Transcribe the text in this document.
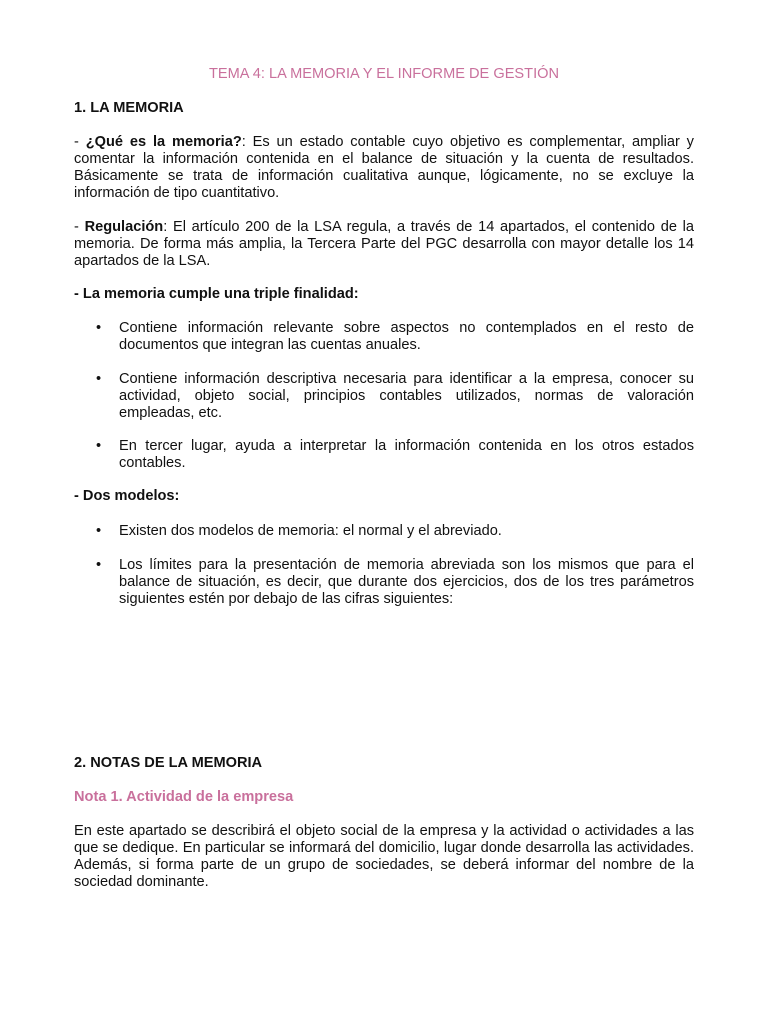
TEMA 4: LA MEMORIA Y EL INFORME DE GESTIÓN
1. LA MEMORIA

- ¿Qué es la memoria?: Es un estado contable cuyo objetivo es complementar, ampliar y comentar la información contenida en el balance de situación y la cuenta de resultados. Básicamente se trata de información cualitativa aunque, lógicamente, no se excluye la información de tipo cuantitativo.

- Regulación: El artículo 200 de la LSA regula, a través de 14 apartados, el contenido de la memoria. De forma más amplia, la Tercera Parte del PGC desarrolla con mayor detalle los 14 apartados de la LSA.

- La memoria cumple una triple finalidad:
• Contiene información relevante sobre aspectos no contemplados en el resto de documentos que integran las cuentas anuales.
• Contiene información descriptiva necesaria para identificar a la empresa, conocer su actividad, objeto social, principios contables utilizados, normas de valoración empleadas, etc.
• En tercer lugar, ayuda a interpretar la información contenida en los otros estados contables.
- Dos modelos:
• Existen dos modelos de memoria: el normal y el abreviado.
• Los límites para la presentación de memoria abreviada son los mismos que para el balance de situación, es decir, que durante dos ejercicios, dos de los tres parámetros siguientes estén por debajo de las cifras siguientes:
2. NOTAS DE LA MEMORIA
Nota 1. Actividad de la empresa

En este apartado se describirá el objeto social de la empresa y la actividad o actividades a las que se dedique. En particular se informará del domicilio, lugar donde desarrolla las actividades. Además, si forma parte de un grupo de sociedades, se deberá informar del nombre de la sociedad dominante.
